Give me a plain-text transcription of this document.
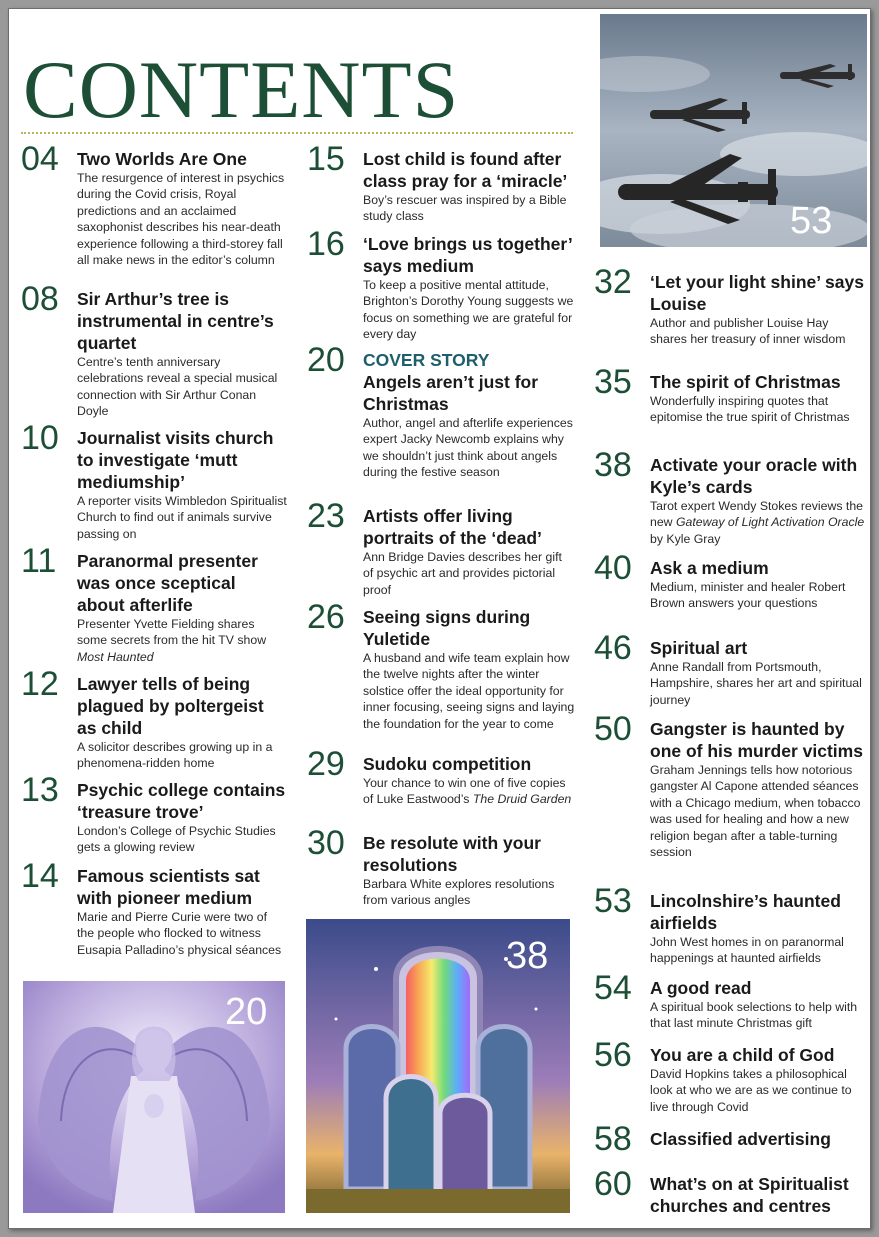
CONTENTS
53
20
38
04 Two Worlds Are One
The resurgence of interest in psychics during the Covid crisis, Royal predictions and an acclaimed saxophonist describes his near-death experience following a third-storey fall all make news in the editor’s column
08 Sir Arthur’s tree is instrumental in centre’s quartet
Centre’s tenth anniversary celebrations reveal a special musical connection with Sir Arthur Conan Doyle
10 Journalist visits church to investigate ‘mutt mediumship’
A reporter visits Wimbledon Spiritualist Church to find out if animals survive passing on
11 Paranormal presenter was once sceptical about afterlife
Presenter Yvette Fielding shares some secrets from the hit TV show Most Haunted
12 Lawyer tells of being plagued by poltergeist as child
A solicitor describes growing up in a phenomena-ridden home
13 Psychic college contains ‘treasure trove’
London’s College of Psychic Studies gets a glowing review
14 Famous scientists sat with pioneer medium
Marie and Pierre Curie were two of the people who flocked to witness Eusapia Palladino’s physical séances
15 Lost child is found after class pray for a ‘miracle’
Boy’s rescuer was inspired by a Bible study class
16 ‘Love brings us together’ says medium
To keep a positive mental attitude, Brighton’s Dorothy Young suggests we focus on something we are grateful for every day
20 COVER STORY
Angels aren’t just for Christmas
Author, angel and afterlife experiences expert Jacky Newcomb explains why we shouldn’t just think about angels during the festive season
23 Artists offer living portraits of the ‘dead’
Ann Bridge Davies describes her gift of psychic art and provides pictorial proof
26 Seeing signs during Yuletide
A husband and wife team explain how the twelve nights after the winter solstice offer the ideal opportunity for inner focusing, seeing signs and laying the foundation for the year to come
29 Sudoku competition
Your chance to win one of five copies of Luke Eastwood’s The Druid Garden
30 Be resolute with your resolutions
Barbara White explores resolutions from various angles
32 ‘Let your light shine’ says Louise
Author and publisher Louise Hay shares her treasury of inner wisdom
35 The spirit of Christmas
Wonderfully inspiring quotes that epitomise the true spirit of Christmas
38 Activate your oracle with Kyle’s cards
Tarot expert Wendy Stokes reviews the new Gateway of Light Activation Oracle by Kyle Gray
40 Ask a medium
Medium, minister and healer Robert Brown answers your questions
46 Spiritual art
Anne Randall from Portsmouth, Hampshire, shares her art and spiritual journey
50 Gangster is haunted by one of his murder victims
Graham Jennings tells how notorious gangster Al Capone attended séances with a Chicago medium, when tobacco was used for healing and how a new religion began after a table-turning session
53 Lincolnshire’s haunted airfields
John West homes in on paranormal happenings at haunted airfields
54 A good read
A spiritual book selections to help with that last minute Christmas gift
56 You are a child of God
David Hopkins takes a philosophical look at who we are as we continue to live through Covid
58 Classified advertising
60 What’s on at Spiritualist churches and centres
